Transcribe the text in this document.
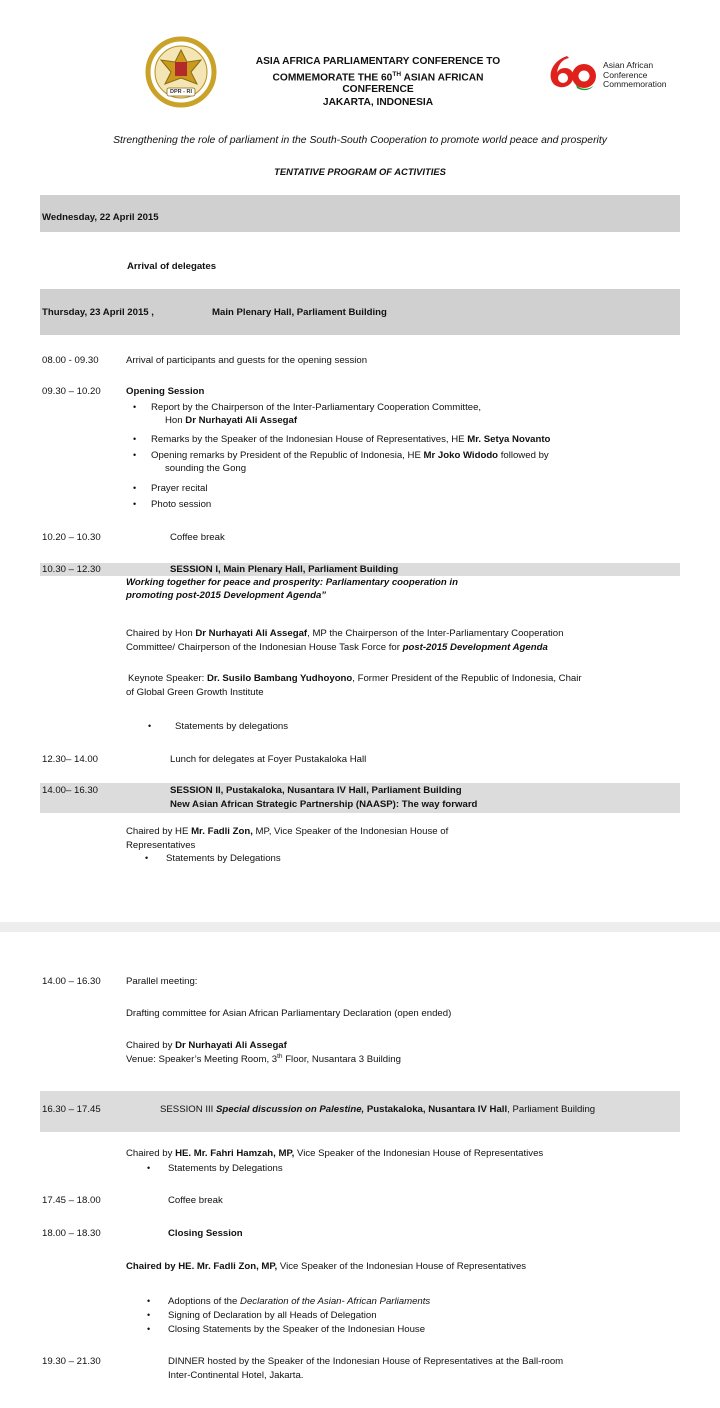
DPR - RI
ASIA AFRICA PARLIAMENTARY CONFERENCE TO
COMMEMORATE THE 60TH ASIAN AFRICAN
CONFERENCE
JAKARTA, INDONESIA
Asian African
Conference
Commemoration
Strengthening the role of parliament in the South-South Cooperation to promote world peace and prosperity
TENTATIVE PROGRAM OF ACTIVITIES
Wednesday, 22 April 2015
Arrival of delegates
Thursday, 23 April 2015 ,	Main Plenary Hall, Parliament Building
08.00 - 09.30	Arrival of participants and guests for the opening session
09.30 – 10.20	Opening Session
• Report by the Chairperson of the Inter-Parliamentary Cooperation Committee,
Hon Dr Nurhayati Ali Assegaf
• Remarks by the Speaker of the Indonesian House of Representatives, HE Mr. Setya Novanto
• Opening remarks by President of the Republic of Indonesia, HE Mr Joko Widodo followed by
sounding the Gong
• Prayer recital
• Photo session
10.20 – 10.30	Coffee break
10.30 – 12.30	SESSION I, Main Plenary Hall, Parliament Building
Working together for peace and prosperity: Parliamentary cooperation in
promoting post-2015 Development Agenda”
Chaired by Hon Dr Nurhayati Ali Assegaf, MP the Chairperson of the Inter-Parliamentary Cooperation
Committee/ Chairperson of the Indonesian House Task Force for post-2015 Development Agenda
Keynote Speaker: Dr. Susilo Bambang Yudhoyono, Former President of the Republic of Indonesia, Chair
of Global Green Growth Institute
• Statements by delegations
12.30– 14.00	Lunch for delegates at Foyer Pustakaloka Hall
14.00– 16.30	SESSION II, Pustakaloka, Nusantara IV Hall, Parliament Building
New Asian African Strategic Partnership (NAASP): The way forward
Chaired by HE Mr. Fadli Zon, MP, Vice Speaker of the Indonesian House of
Representatives
• Statements by Delegations
14.00 – 16.30	Parallel meeting:
Drafting committee for Asian African Parliamentary Declaration (open ended)
Chaired by Dr Nurhayati Ali Assegaf
Venue: Speaker’s Meeting Room, 3th Floor, Nusantara 3 Building
16.30 – 17.45	SESSION III Special discussion on Palestine, Pustakaloka, Nusantara IV Hall, Parliament Building
Chaired by HE. Mr. Fahri Hamzah, MP, Vice Speaker of the Indonesian House of Representatives
• Statements by Delegations
17.45 – 18.00	Coffee break
18.00 – 18.30	Closing Session
Chaired by HE. Mr. Fadli Zon, MP, Vice Speaker of the Indonesian House of Representatives
• Adoptions of the Declaration of the Asian- African Parliaments
• Signing of Declaration by all Heads of Delegation
• Closing Statements by the Speaker of the Indonesian House
19.30 – 21.30	DINNER hosted by the Speaker of the Indonesian House of Representatives at the Ball-room
Inter-Continental Hotel, Jakarta.
